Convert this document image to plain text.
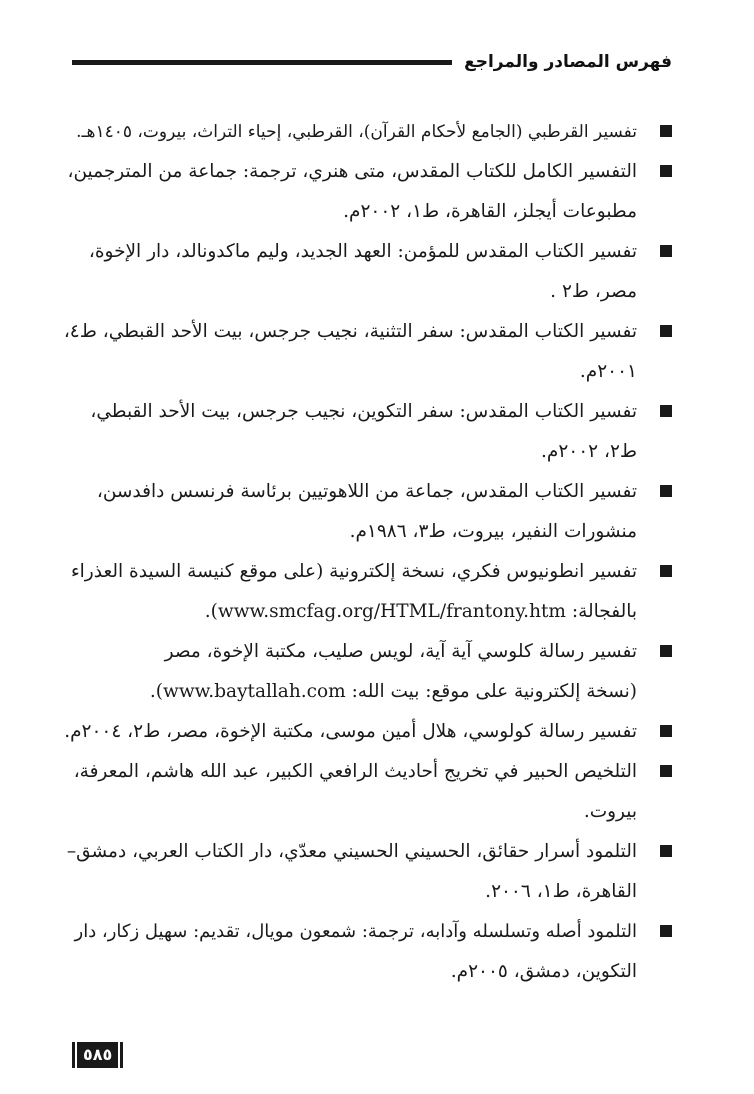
فهرس المصادر والمراجع
تفسير القرطبي (الجامع لأحكام القرآن)، القرطبي، إحياء التراث، بيروت، ١٤٠٥هـ.
التفسير الكامل للكتاب المقدس، متى هنري، ترجمة: جماعة من المترجمين،
مطبوعات أيجلز، القاهرة، ط١، ٢٠٠٢م.
تفسير الكتاب المقدس للمؤمن: العهد الجديد، وليم ماكدونالد، دار الإخوة،
مصر، ط٢ .
تفسير الكتاب المقدس: سفر التثنية، نجيب جرجس، بيت الأحد القبطي، ط٤،
٢٠٠١م.
تفسير الكتاب المقدس: سفر التكوين، نجيب جرجس، بيت الأحد القبطي،
ط٢، ٢٠٠٢م.
تفسير الكتاب المقدس، جماعة من اللاهوتيين برئاسة فرنسس دافدسن،
منشورات النفير، بيروت، ط٣، ١٩٨٦م.
تفسير انطونيوس فكري، نسخة إلكترونية (على موقع كنيسة السيدة العذراء
بالفجالة: www.smcfag.org/HTML/frantony.htm).
تفسير رسالة كلوسي آية آية، لويس صليب، مكتبة الإخوة، مصر
(نسخة إلكترونية على موقع: بيت الله: www.baytallah.com).
تفسير رسالة كولوسي، هلال أمين موسى، مكتبة الإخوة، مصر، ط٢، ٢٠٠٤م.
التلخيص الحبير في تخريج أحاديث الرافعي الكبير، عبد الله هاشم، المعرفة،
بيروت.
التلمود أسرار حقائق، الحسيني الحسيني معدّي، دار الكتاب العربي، دمشق–
القاهرة، ط١، ٢٠٠٦.
التلمود أصله وتسلسله وآدابه، ترجمة: شمعون مويال، تقديم: سهيل زكار، دار
التكوين، دمشق، ٢٠٠٥م.
٥٨٥
